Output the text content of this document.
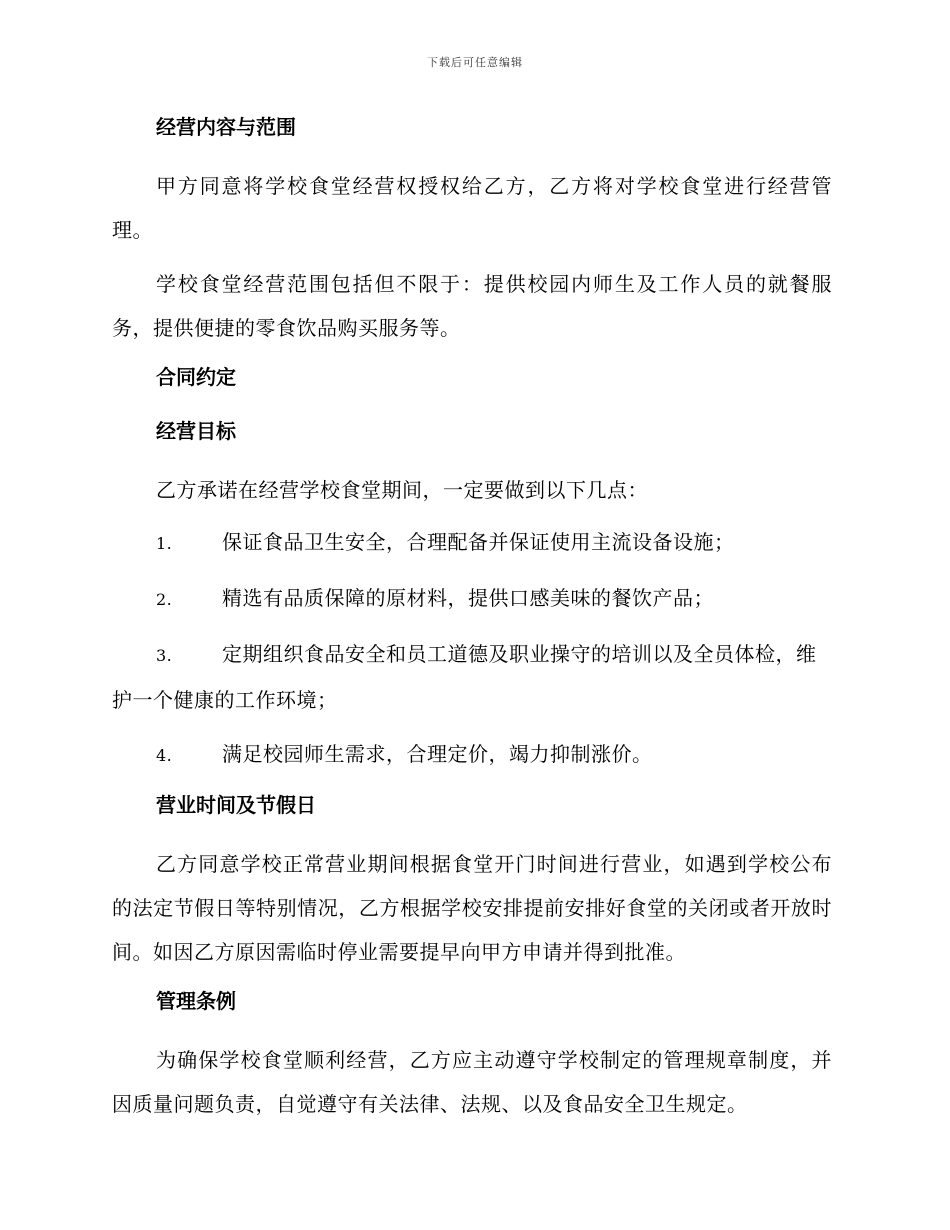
下载后可任意编辑
经营内容与范围

甲方同意将学校食堂经营权授权给乙方，乙方将对学校食堂进行经营管理。

学校食堂经营范围包括但不限于：提供校园内师生及工作人员的就餐服务，提供便捷的零食饮品购买服务等。

合同约定
经营目标

乙方承诺在经营学校食堂期间，一定要做到以下几点：

1. 保证食品卫生安全，合理配备并保证使用主流设备设施；
2. 精选有品质保障的原材料，提供口感美味的餐饮产品；
3. 定期组织食品安全和员工道德及职业操守的培训以及全员体检，维护一个健康的工作环境；
4. 满足校园师生需求，合理定价，竭力抑制涨价。
营业时间及节假日

乙方同意学校正常营业期间根据食堂开门时间进行营业，如遇到学校公布的法定节假日等特别情况，乙方根据学校安排提前安排好食堂的关闭或者开放时间。如因乙方原因需临时停业需要提早向甲方申请并得到批准。

管理条例

为确保学校食堂顺利经营，乙方应主动遵守学校制定的管理规章制度，并因质量问题负责，自觉遵守有关法律、法规、以及食品安全卫生规定。
